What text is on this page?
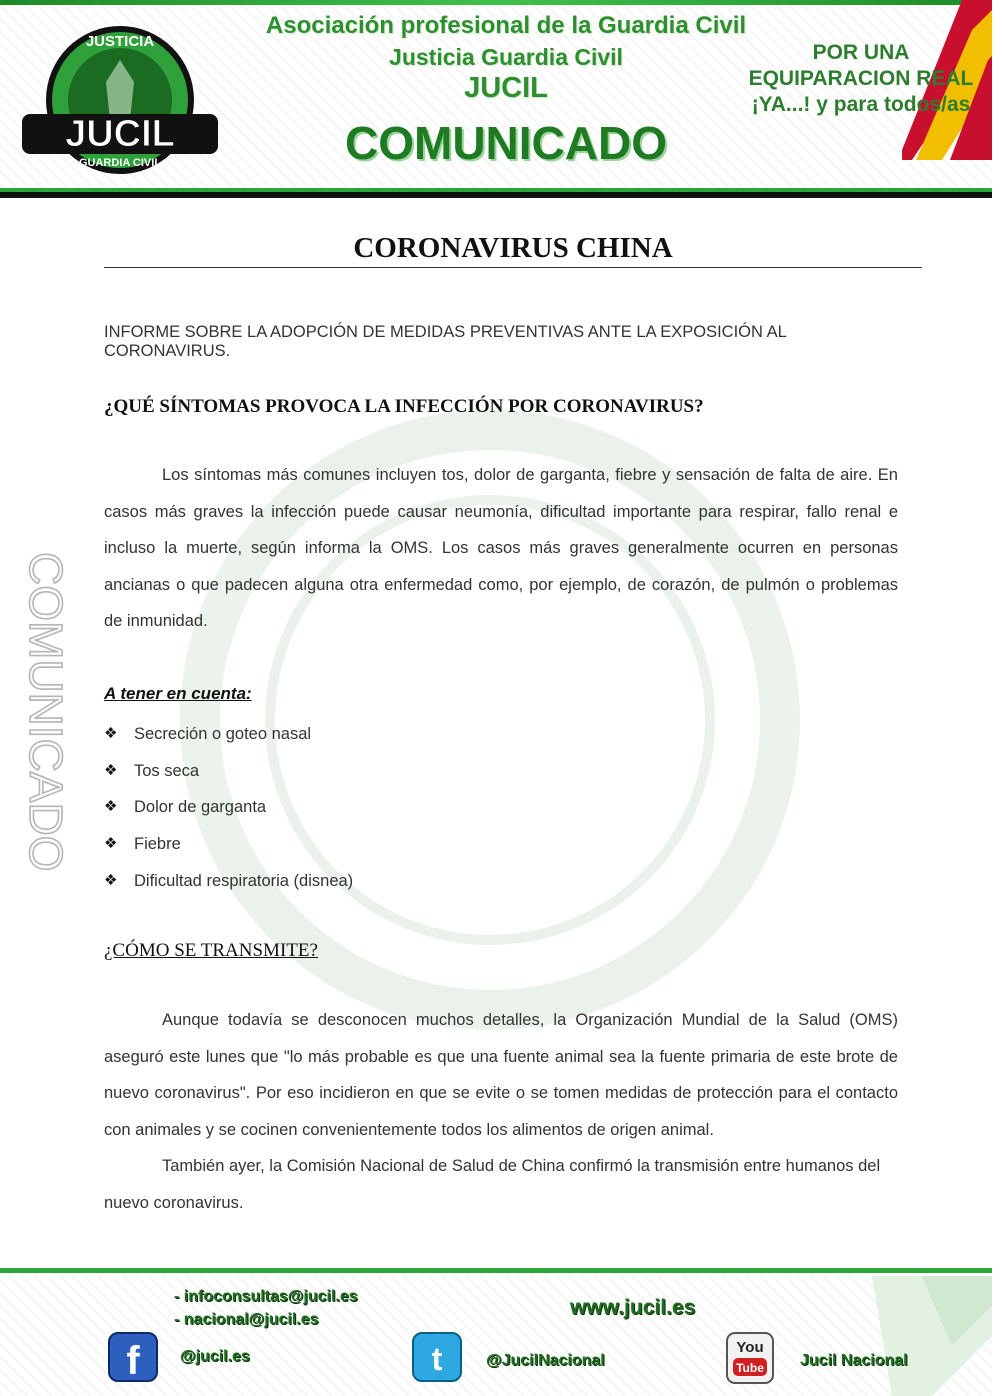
JUCIL
JUSTICIA
GUARDIA CIVIL
Asociación profesional de la Guardia Civil
Justicia Guardia Civil
JUCIL
COMUNICADO
POR UNA
EQUIPARACION REAL
¡YA...! y para todos/as
COMUNICADO
CORONAVIRUS CHINA
INFORME SOBRE LA ADOPCIÓN DE MEDIDAS PREVENTIVAS ANTE LA EXPOSICIÓN AL CORONAVIRUS.
¿QUÉ SÍNTOMAS PROVOCA LA INFECCIÓN POR CORONAVIRUS?
Los síntomas más comunes incluyen tos, dolor de garganta, fiebre y sensación de falta de aire. En casos más graves la infección puede causar neumonía, dificultad importante para respirar, fallo renal e incluso la muerte, según informa la OMS. Los casos más graves generalmente ocurren en personas ancianas o que padecen alguna otra enfermedad como, por ejemplo, de corazón, de pulmón o problemas de inmunidad.
A tener en cuenta:
❖	Secreción o goteo nasal
❖	Tos seca
❖	Dolor de garganta
❖	Fiebre
❖	Dificultad respiratoria (disnea)
¿CÓMO SE TRANSMITE?
Aunque todavía se desconocen muchos detalles, la Organización Mundial de la Salud (OMS) aseguró este lunes que "lo más probable es que una fuente animal sea la fuente primaria de este brote de nuevo coronavirus". Por eso incidieron en que se evite o se tomen medidas de protección para el contacto con animales y se cocinen convenientemente todos los alimentos de origen animal.
También ayer, la Comisión Nacional de Salud de China confirmó la transmisión entre humanos del nuevo coronavirus.
- infoconsultas@jucil.es
- nacional@jucil.es
www.jucil.es
f	@jucil.es	t	@JucilNacional
You
Tube Jucil Nacional
